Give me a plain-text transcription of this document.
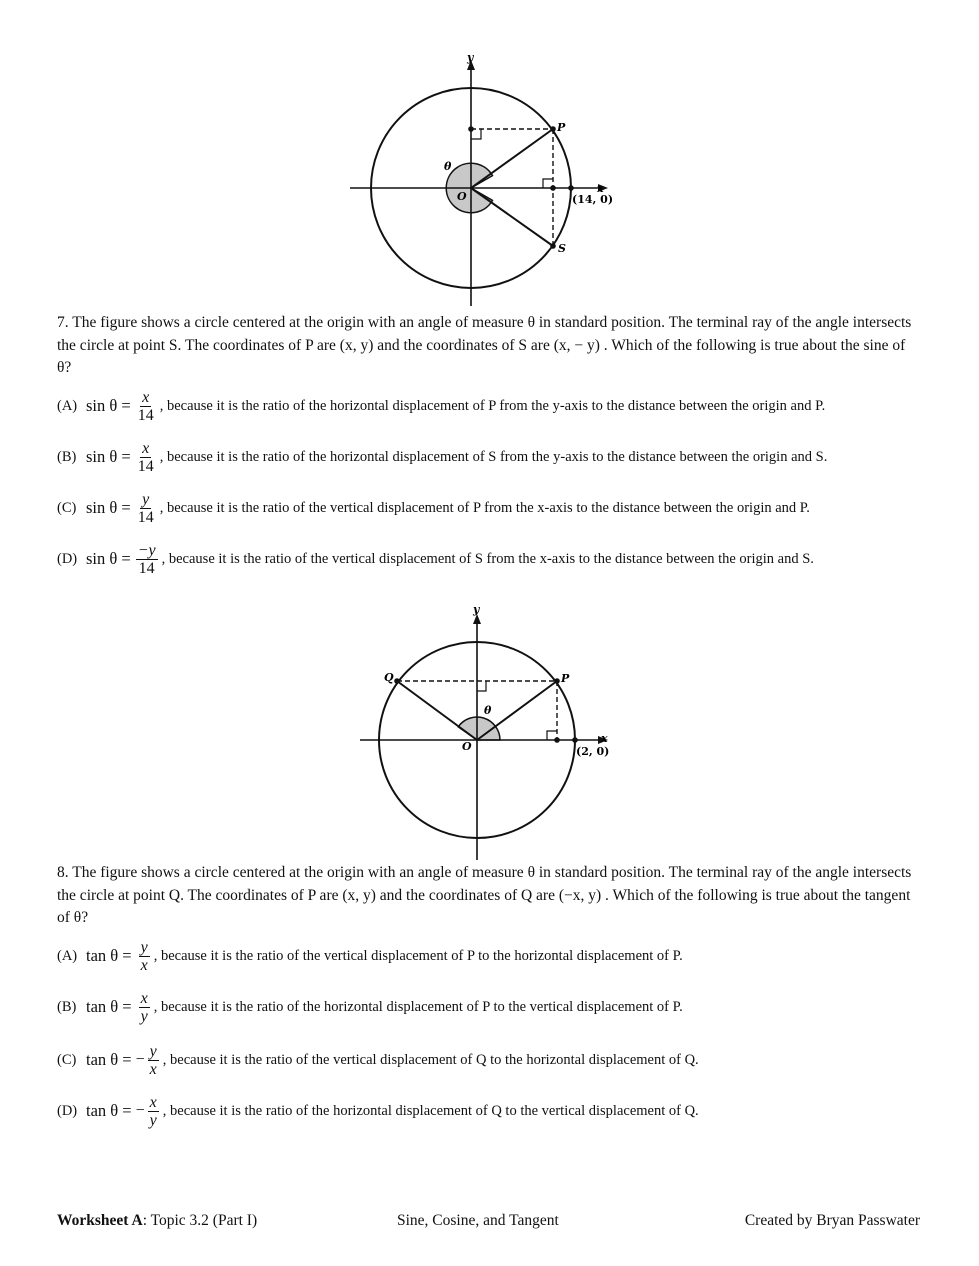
y
x
θ
O
P
S
(14, 0)
7. The figure shows a circle centered at the origin with an angle of measure θ in standard position. The terminal ray of the angle intersects the circle at point S. The coordinates of P are (x, y) and the coordinates of S are (x, − y) . Which of the following is true about the sine of θ?
(A) $\sin \theta = \frac{x}{14}$ , because it is the ratio of the horizontal displacement of P from the y-axis to the distance between the origin and P.
(B) $\sin \theta = \frac{x}{14}$ , because it is the ratio of the horizontal displacement of S from the y-axis to the distance between the origin and S.
(C) $\sin \theta = \frac{y}{14}$ , because it is the ratio of the vertical displacement of P from the x-axis to the distance between the origin and P.
(D) $\sin \theta = \frac{-y}{14}$ , because it is the ratio of the vertical displacement of S from the x-axis to the distance between the origin and S.
y
x
θ
O
P
Q
(2, 0)
8. The figure shows a circle centered at the origin with an angle of measure θ in standard position. The terminal ray of the angle intersects the circle at point Q. The coordinates of P are (x, y) and the coordinates of Q are (−x, y) . Which of the following is true about the tangent of θ?
(A) $\tan \theta = \frac{y}{x}$ , because it is the ratio of the vertical displacement of P to the horizontal displacement of P.
(B) $\tan \theta = \frac{x}{y}$ , because it is the ratio of the horizontal displacement of P to the vertical displacement of P.
(C) tan θ = − $\frac{y}{x}$ , because it is the ratio of the vertical displacement of Q to the horizontal displacement of Q.
(D) tan θ = − $\frac{x}{y}$ , because it is the ratio of the horizontal displacement of Q to the vertical displacement of Q.
Worksheet A: Topic 3.2 (Part I)	Sine, Cosine, and Tangent	Created by Bryan Passwater
